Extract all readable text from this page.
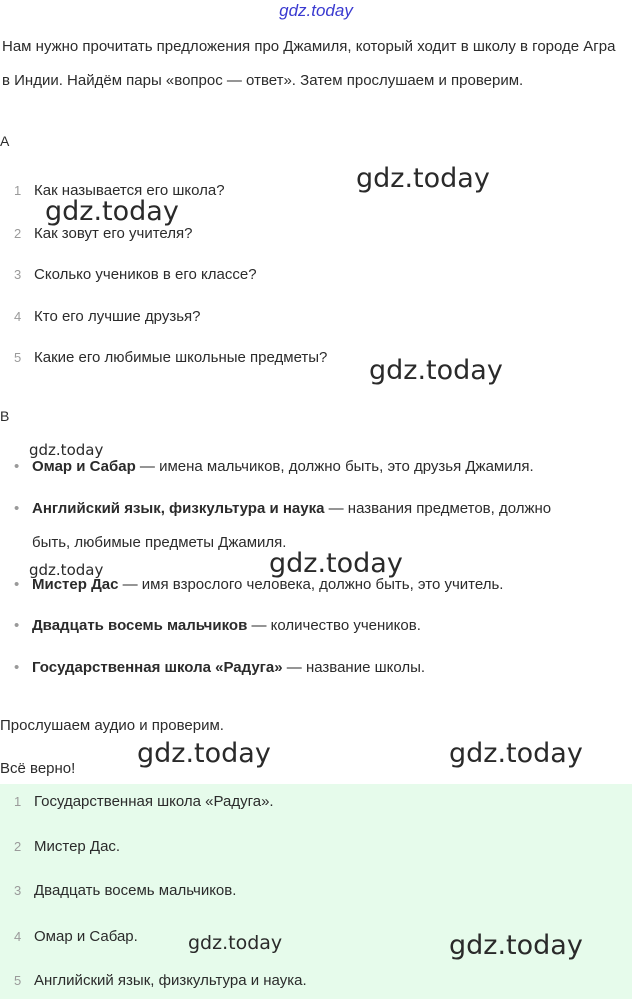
gdz.today
Нам нужно прочитать предложения про Джамиля, который ходит в школу в городе Агра в Индии. Найдём пары «вопрос — ответ». Затем прослушаем и проверим.
A
1 Как называется его школа?
2 Как зовут его учителя?
3 Сколько учеников в его классе?
4 Кто его лучшие друзья?
5 Какие его любимые школьные предметы?
B
• Омар и Сабар — имена мальчиков, должно быть, это друзья Джамиля.
• Английский язык, физкультура и наука — названия предметов, должно
быть, любимые предметы Джамиля.
• Мистер Дас — имя взрослого человека, должно быть, это учитель.
• Двадцать восемь мальчиков — количество учеников.
• Государственная школа «Радуга» — название школы.
Прослушаем аудио и проверим.
Всё верно!
1 Государственная школа «Радуга».
2 Мистер Дас.
3 Двадцать восемь мальчиков.
4 Омар и Сабар.
5 Английский язык, физкультура и наука.
gdz.today
gdz.today
gdz.today
gdz.today
gdz.today
gdz.today
gdz.today	gdz.today
gdz.today	gdz.today
